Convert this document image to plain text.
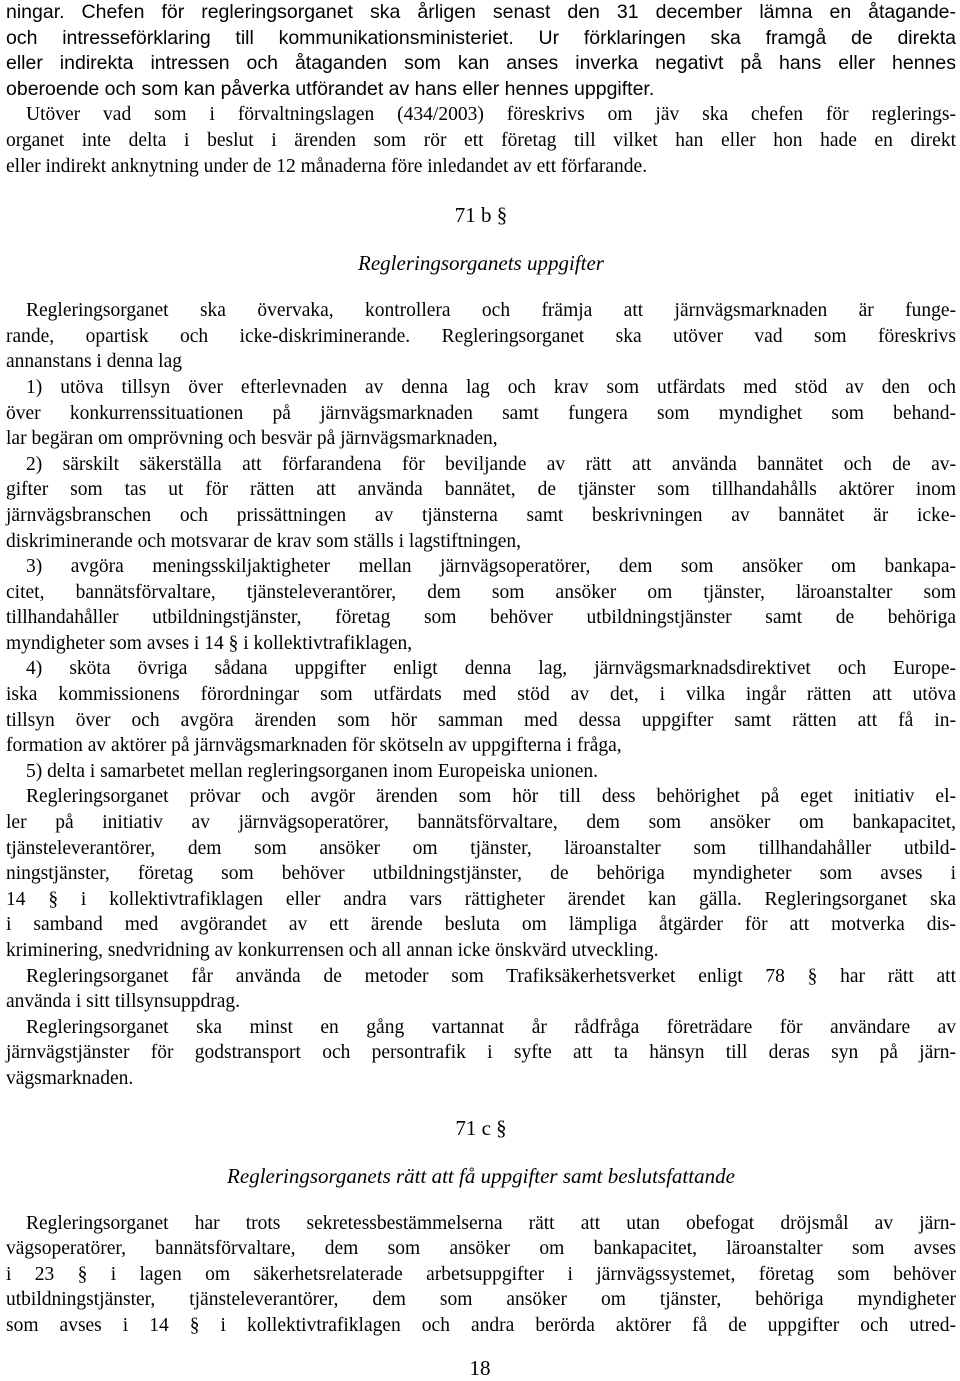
ningar. Chefen för regleringsorganet ska årligen senast den 31 december lämna en åtagande-
och intresseförklaring till kommunikationsministeriet. Ur förklaringen ska framgå de direkta
eller indirekta intressen och åtaganden som kan anses inverka negativt på hans eller hennes
oberoende och som kan påverka utförandet av hans eller hennes uppgifter.
Utöver vad som i förvaltningslagen (434/2003) föreskrivs om jäv ska chefen för reglerings-
organet inte delta i beslut i ärenden som rör ett företag till vilket han eller hon hade en direkt
eller indirekt anknytning under de 12 månaderna före inledandet av ett förfarande.
71 b §
Regleringsorganets uppgifter
Regleringsorganet ska övervaka, kontrollera och främja att järnvägsmarknaden är funge-
rande, opartisk och icke-diskriminerande. Regleringsorganet ska utöver vad som föreskrivs
annanstans i denna lag
1) utöva tillsyn över efterlevnaden av denna lag och krav som utfärdats med stöd av den och
över konkurrenssituationen på järnvägsmarknaden samt fungera som myndighet som behand-
lar begäran om omprövning och besvär på järnvägsmarknaden,
2) särskilt säkerställa att förfarandena för beviljande av rätt att använda bannätet och de av-
gifter som tas ut för rätten att använda bannätet, de tjänster som tillhandahålls aktörer inom
järnvägsbranschen och prissättningen av tjänsterna samt beskrivningen av bannätet är icke-
diskriminerande och motsvarar de krav som ställs i lagstiftningen,
3) avgöra meningsskiljaktigheter mellan järnvägsoperatörer, dem som ansöker om bankapa-
citet, bannätsförvaltare, tjänsteleverantörer, dem som ansöker om tjänster, läroanstalter som
tillhandahåller utbildningstjänster, företag som behöver utbildningstjänster samt de behöriga
myndigheter som avses i 14 § i kollektivtrafiklagen,
4) sköta övriga sådana uppgifter enligt denna lag, järnvägsmarknadsdirektivet och Europe-
iska kommissionens förordningar som utfärdats med stöd av det, i vilka ingår rätten att utöva
tillsyn över och avgöra ärenden som hör samman med dessa uppgifter samt rätten att få in-
formation av aktörer på järnvägsmarknaden för skötseln av uppgifterna i fråga,
5) delta i samarbetet mellan regleringsorganen inom Europeiska unionen.
Regleringsorganet prövar och avgör ärenden som hör till dess behörighet på eget initiativ el-
ler på initiativ av järnvägsoperatörer, bannätsförvaltare, dem som ansöker om bankapacitet,
tjänsteleverantörer, dem som ansöker om tjänster, läroanstalter som tillhandahåller utbild-
ningstjänster, företag som behöver utbildningstjänster, de behöriga myndigheter som avses i
14 § i kollektivtrafiklagen eller andra vars rättigheter ärendet kan gälla. Regleringsorganet ska
i samband med avgörandet av ett ärende besluta om lämpliga åtgärder för att motverka dis-
kriminering, snedvridning av konkurrensen och all annan icke önskvärd utveckling.
Regleringsorganet får använda de metoder som Trafiksäkerhetsverket enligt 78 § har rätt att
använda i sitt tillsynsuppdrag.
Regleringsorganet ska minst en gång vartannat år rådfråga företrädare för användare av
järnvägstjänster för godstransport och persontrafik i syfte att ta hänsyn till deras syn på järn-
vägsmarknaden.
71 c §
Regleringsorganets rätt att få uppgifter samt beslutsfattande
Regleringsorganet har trots sekretessbestämmelserna rätt att utan obefogat dröjsmål av järn-
vägsoperatörer, bannätsförvaltare, dem som ansöker om bankapacitet, läroanstalter som avses
i 23 § i lagen om säkerhetsrelaterade arbetsuppgifter i järnvägssystemet, företag som behöver
utbildningstjänster, tjänsteleverantörer, dem som ansöker om tjänster, behöriga myndigheter
som avses i 14 § i kollektivtrafiklagen och andra berörda aktörer få de uppgifter och utred-
18
